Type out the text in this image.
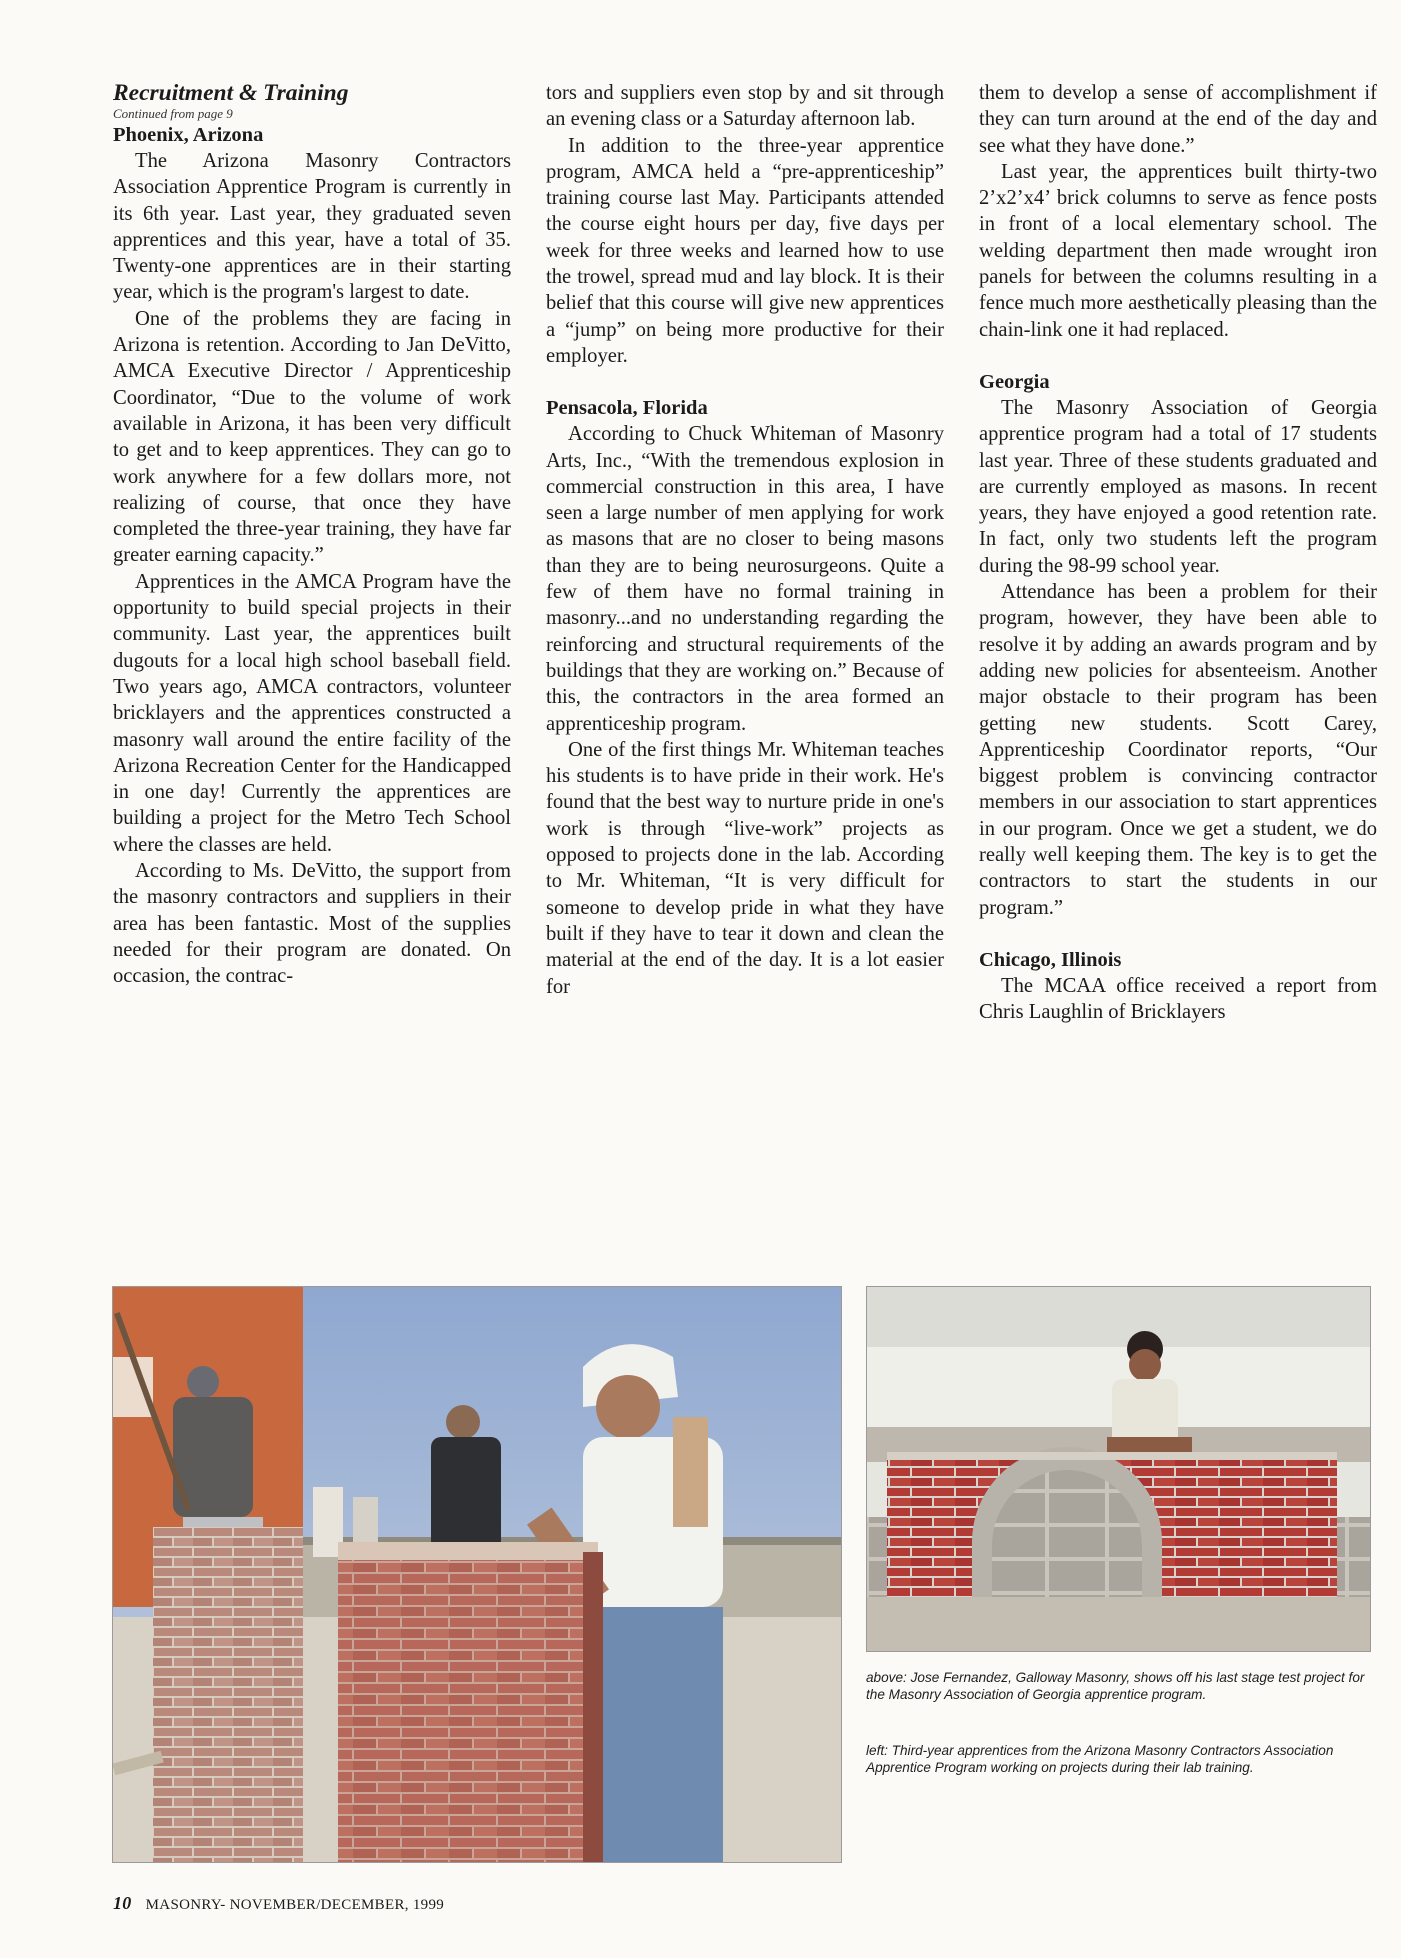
Recruitment & Training

Continued from page 9

Phoenix, Arizona

The Arizona Masonry Contractors Association Apprentice Program is currently in its 6th year. Last year, they graduated seven apprentices and this year, have a total of 35. Twenty-one apprentices are in their starting year, which is the program's largest to date.

One of the problems they are facing in Arizona is retention. According to Jan DeVitto, AMCA Executive Director / Apprenticeship Coordinator, “Due to the volume of work available in Arizona, it has been very difficult to get and to keep apprentices. They can go to work anywhere for a few dollars more, not realizing of course, that once they have completed the three-year training, they have far greater earning capacity.”

Apprentices in the AMCA Program have the opportunity to build special projects in their community. Last year, the apprentices built dugouts for a local high school baseball field. Two years ago, AMCA contractors, volunteer bricklayers and the apprentices constructed a masonry wall around the entire facility of the Arizona Recreation Center for the Handicapped in one day! Currently the apprentices are building a project for the Metro Tech School where the classes are held.

According to Ms. DeVitto, the support from the masonry contractors and suppliers in their area has been fantastic. Most of the supplies needed for their program are donated. On occasion, the contrac-

tors and suppliers even stop by and sit through an evening class or a Saturday afternoon lab.

In addition to the three-year apprentice program, AMCA held a “pre-apprenticeship” training course last May. Participants attended the course eight hours per day, five days per week for three weeks and learned how to use the trowel, spread mud and lay block. It is their belief that this course will give new apprentices a “jump” on being more productive for their employer.

Pensacola, Florida

According to Chuck Whiteman of Masonry Arts, Inc., “With the tremendous explosion in commercial construction in this area, I have seen a large number of men applying for work as masons that are no closer to being masons than they are to being neurosurgeons. Quite a few of them have no formal training in masonry...and no understanding regarding the reinforcing and structural requirements of the buildings that they are working on.” Because of this, the contractors in the area formed an apprenticeship program.

One of the first things Mr. Whiteman teaches his students is to have pride in their work. He's found that the best way to nurture pride in one's work is through “live-work” projects as opposed to projects done in the lab. According to Mr. Whiteman, “It is very difficult for someone to develop pride in what they have built if they have to tear it down and clean the material at the end of the day. It is a lot easier for

them to develop a sense of accomplishment if they can turn around at the end of the day and see what they have done.”

Last year, the apprentices built thirty-two 2’x2’x4’ brick columns to serve as fence posts in front of a local elementary school. The welding department then made wrought iron panels for between the columns resulting in a fence much more aesthetically pleasing than the chain-link one it had replaced.

Georgia

The Masonry Association of Georgia apprentice program had a total of 17 students last year. Three of these students graduated and are currently employed as masons. In recent years, they have enjoyed a good retention rate. In fact, only two students left the program during the 98-99 school year.

Attendance has been a problem for their program, however, they have been able to resolve it by adding an awards program and by adding new policies for absenteeism. Another major obstacle to their program has been getting new students. Scott Carey, Apprenticeship Coordinator reports, “Our biggest problem is convincing contractor members in our association to start apprentices in our program. Once we get a student, we do really well keeping them. The key is to get the contractors to start the students in our program.”

Chicago, Illinois

The MCAA office received a report from Chris Laughlin of Bricklayers

above: Jose Fernandez, Galloway Masonry, shows off his last stage test project for the Masonry Association of Georgia apprentice program.

left: Third-year apprentices from the Arizona Masonry Contractors Association Apprentice Program working on projects during their lab training.

10 MASONRY- NOVEMBER/DECEMBER, 1999
